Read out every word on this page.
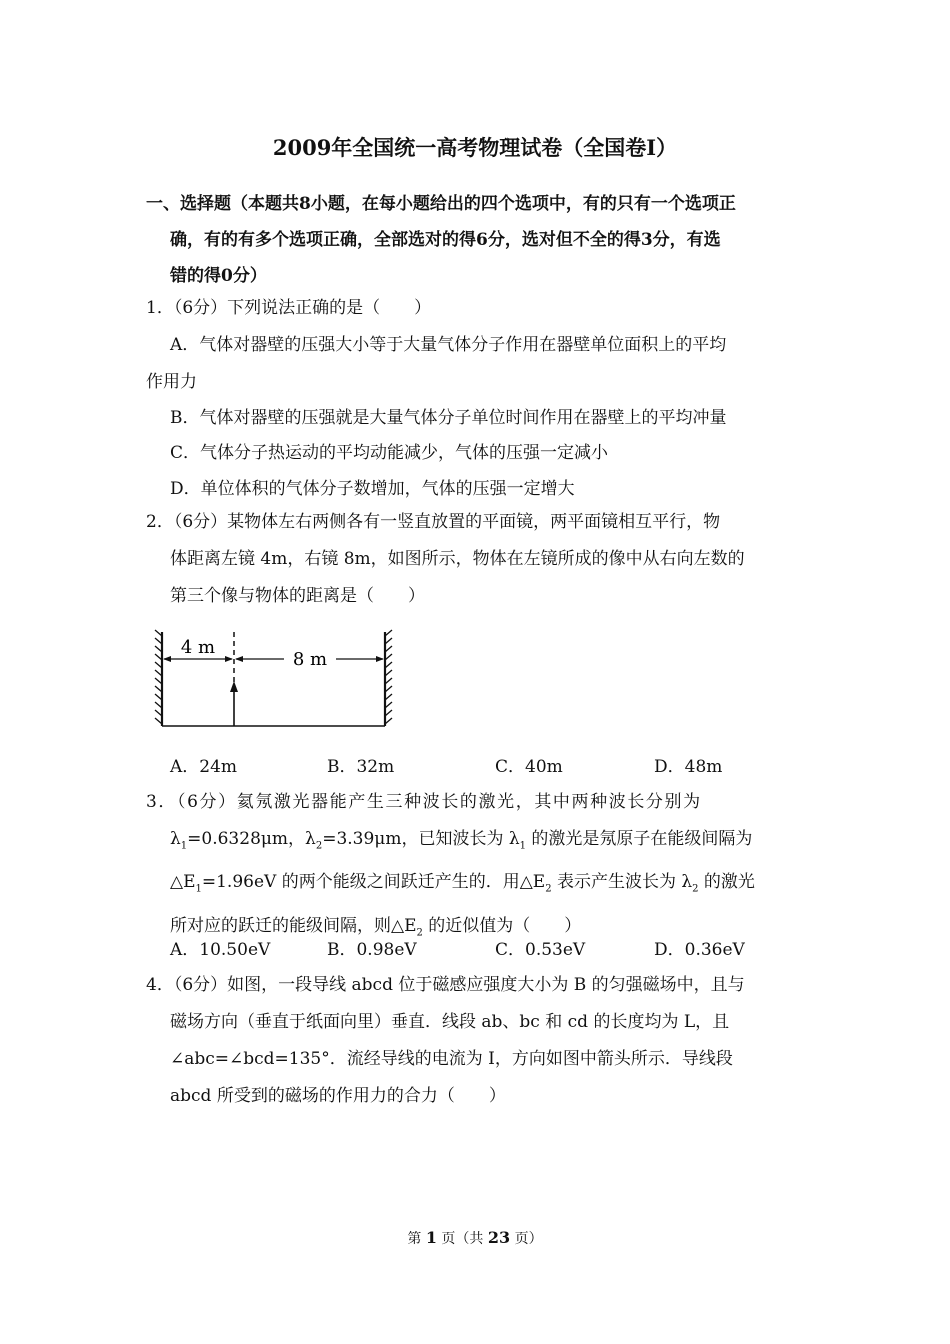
2009年全国统一高考物理试卷（全国卷Ⅰ）
一、选择题（本题共8小题，在每小题给出的四个选项中，有的只有一个选项正
确，有的有多个选项正确，全部选对的得6分，选对但不全的得3分，有选
错的得0分）
1．（6分）下列说法正确的是（　　）
A．气体对器壁的压强大小等于大量气体分子作用在器壁单位面积上的平均
作用力
B．气体对器壁的压强就是大量气体分子单位时间作用在器壁上的平均冲量
C．气体分子热运动的平均动能减少，气体的压强一定减小
D．单位体积的气体分子数增加，气体的压强一定增大
2．（6分）某物体左右两侧各有一竖直放置的平面镜，两平面镜相互平行，物
体距离左镜 4m，右镜 8m，如图所示，物体在左镜所成的像中从右向左数的
第三个像与物体的距离是（　　）
4 m
8 m
A．24m	B．32m	C．40m	D．48m
3．（6分）氦氖激光器能产生三种波长的激光，其中两种波长分别为
$\lambda_1=0.6328\mu m$，$\lambda_2=3.39\mu m$，已知波长为 $\lambda_1$ 的激光是氖原子在能级间隔为
$\triangle E_1=1.96eV$ 的两个能级之间跃迁产生的．用$\triangle E_2$ 表示产生波长为 $\lambda_2$ 的激光
所对应的跃迁的能级间隔，则$\triangle E_2$ 的近似值为（　　）
A．10.50eV	B．0.98eV	C．0.53eV	D．0.36eV
4．（6分）如图，一段导线 abcd 位于磁感应强度大小为 B 的匀强磁场中，且与
磁场方向（垂直于纸面向里）垂直．线段 ab、bc 和 cd 的长度均为 L，且
∠abc=∠bcd=135°．流经导线的电流为 I，方向如图中箭头所示．导线段
abcd 所受到的磁场的作用力的合力（　　）
第 1 页（共 23 页）
